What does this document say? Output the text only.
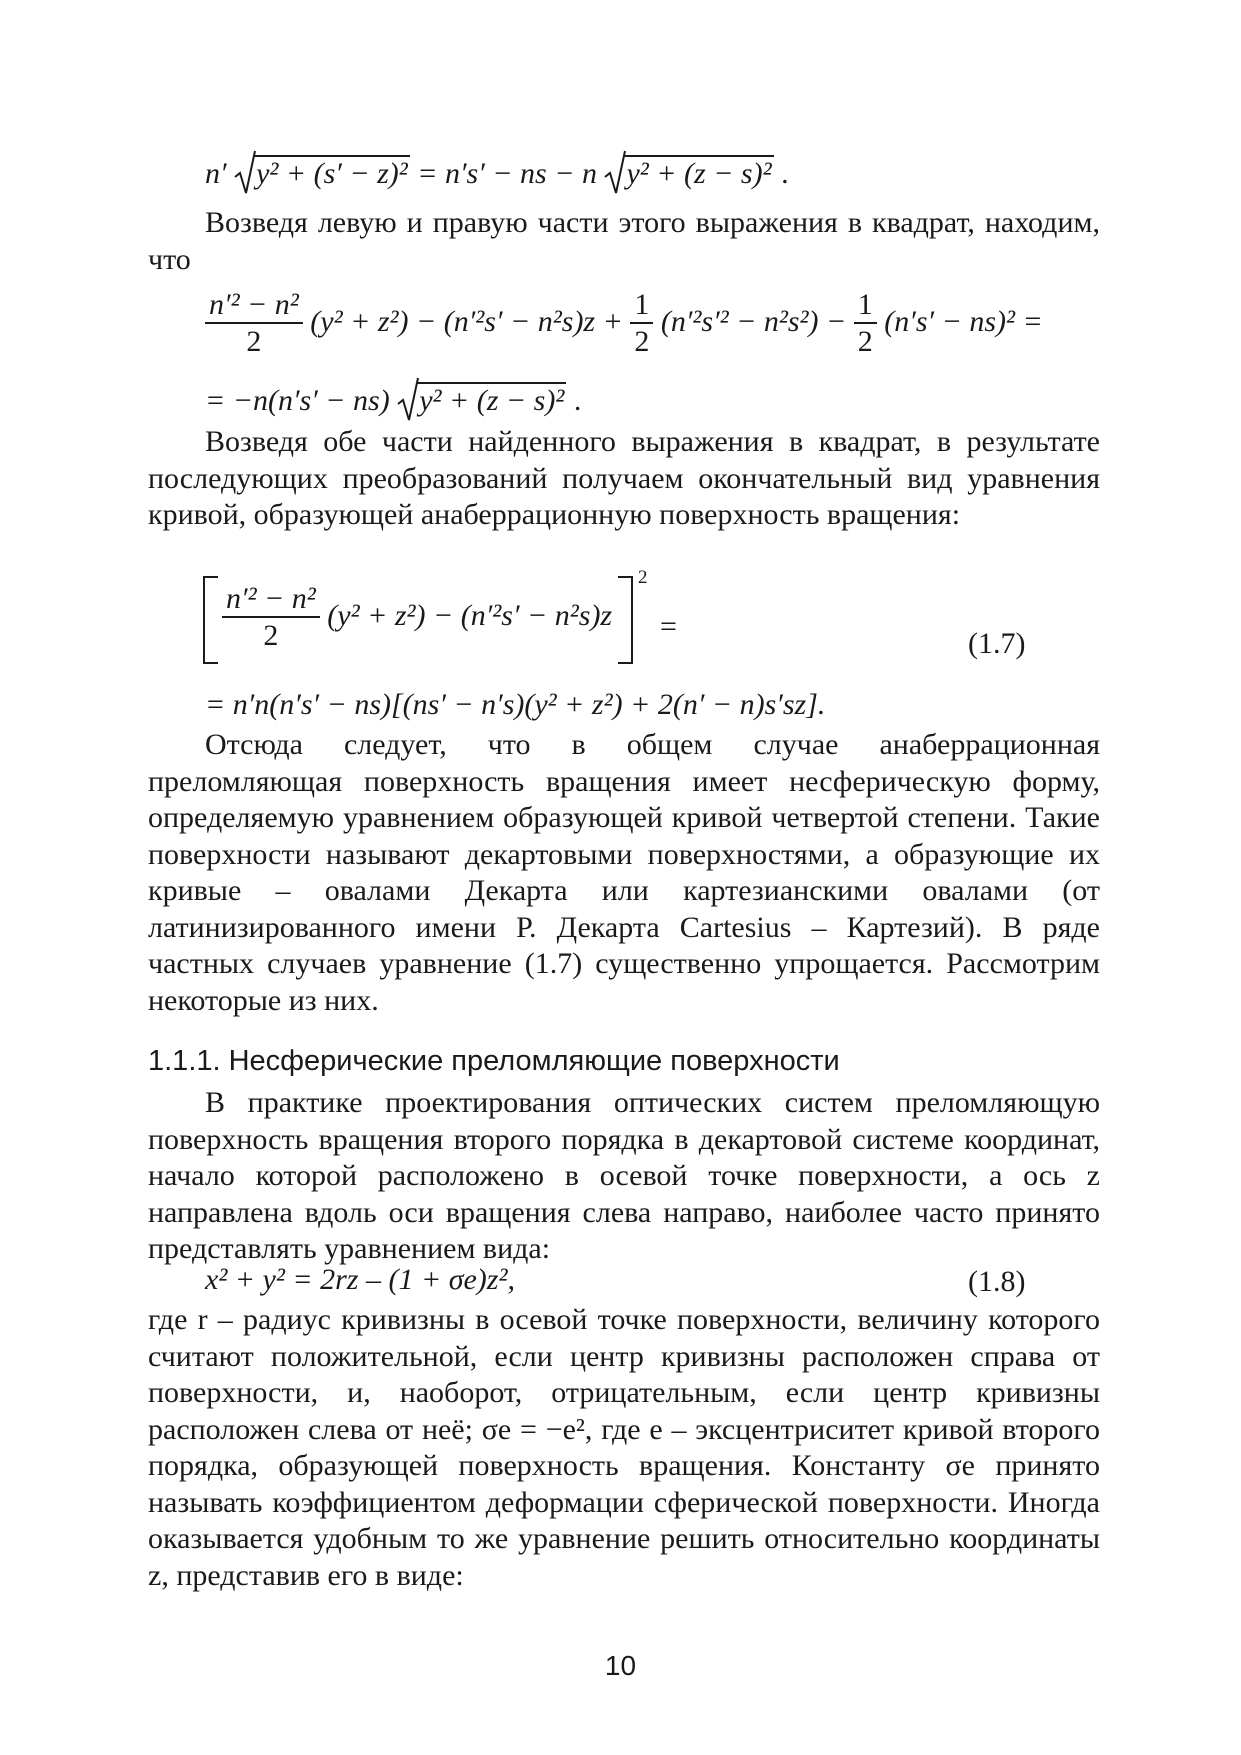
n′ y² + (s′ − z)² = n′s′ − ns − n y² + (z − s)² .

Возведя левую и правую части этого выражения в квадрат, находим, что

$\frac{\text{n′² − n²}}{2} (y^2 + z^2) - (n'^2s' - n^2s)z + \frac{1}{2} (n'^2s'^2 - n^2s^2) - \frac{1}{2} (n's' - ns)^2$ =
= −n(n′s′ − ns) y² + (z − s)² .

Возведя обе части найденного выражения в квадрат, в результате последующих преобразований получаем окончательный вид уравнения кривой, образующей анаберрационную поверхность вращения:

$\frac{\text{n′² − n²}}{2} (y^2 + z^2) - (n'^2s' - n^2s)z$
2
=
(1.7)
= n′n(n′s′ − ns)[(ns′ − n′s)(y² + z²) + 2(n′ − n)s′sz].

Отсюда следует, что в общем случае анаберрационная преломляющая поверхность вращения имеет несферическую форму, определяемую уравнением образующей кривой четвертой степени. Такие поверхности называют декартовыми поверхностями, а образующие их кривые – овалами Декарта или картезианскими овалами (от латинизированного имени Р. Декарта Cartesius – Картезий). В ряде частных случаев уравнение (1.7) существенно упрощается. Рассмотрим некоторые из них.

1.1.1. Несферические преломляющие поверхности

В практике проектирования оптических систем преломляющую поверхность вращения второго порядка в декартовой системе координат, начало которой расположено в осевой точке поверхности, а ось z направлена вдоль оси вращения слева направо, наиболее часто принято представлять уравнением вида:

x² + y² = 2rz – (1 + σe)z²,	(1.8)

где r – радиус кривизны в осевой точке поверхности, величину которого считают положительной, если центр кривизны расположен справа от поверхности, и, наоборот, отрицательным, если центр кривизны расположен слева от неё; σe = −e², где e – эксцентриситет кривой второго порядка, образующей поверхность вращения. Константу σe принято называть коэффициентом деформации сферической поверхности. Иногда оказывается удобным то же уравнение решить относительно координаты z, представив его в виде:

10
